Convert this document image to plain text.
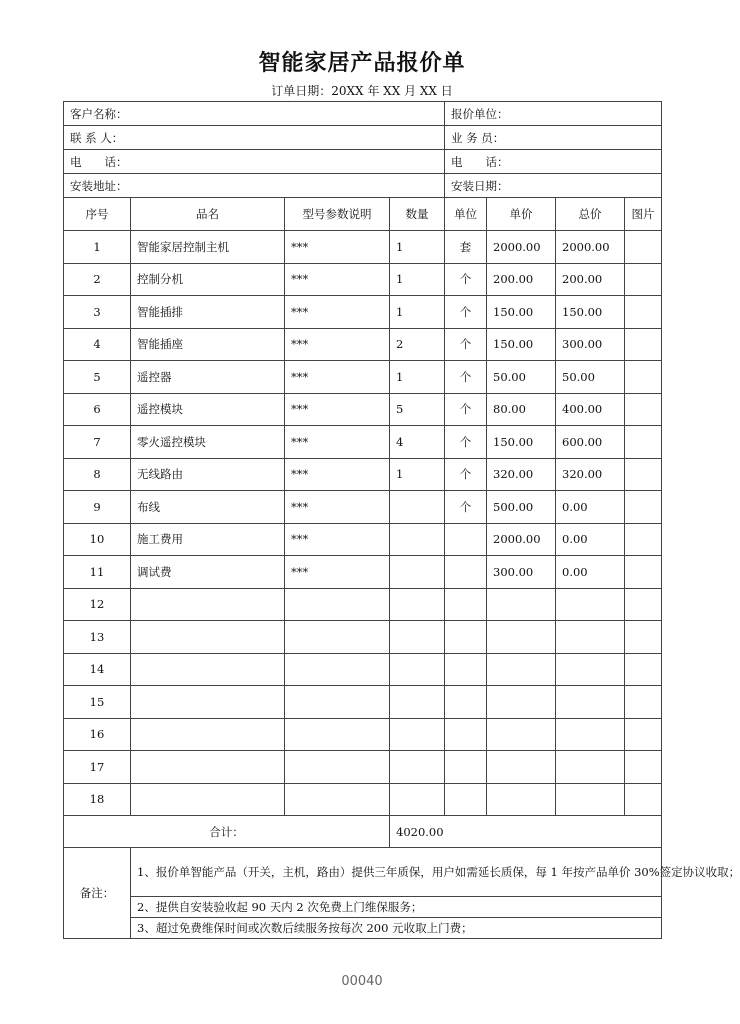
智能家居产品报价单
订单日期：20XX 年 XX 月 XX 日
客户名称：				报价单位：			
联 系 人：				业 务 员：			
电　　话：				电　　话：			
安装地址：				安装日期：			
序号	品名	型号参数说明	数量	单位	单价	总价	图片
1	智能家居控制主机	***	1	套	2000.00	2000.00	
2	控制分机	***	1	个	200.00	200.00	
3	智能插排	***	1	个	150.00	150.00	
4	智能插座	***	2	个	150.00	300.00	
5	遥控器	***	1	个	50.00	50.00	
6	遥控模块	***	5	个	80.00	400.00	
7	零火遥控模块	***	4	个	150.00	600.00	
8	无线路由	***	1	个	320.00	320.00	
9	布线	***		个	500.00	0.00	
10	施工费用	***			2000.00	0.00	
11	调试费	***			300.00	0.00	
12							
13							
14							
15							
16							
17							
18							
合计：			4020.00				
备注：	1、报价单智能产品（开关，主机，路由）提供三年质保，用户如需延长质保，每 1 年按产品单价 30%签定协议收取；						
	2、提供自安装验收起 90 天内 2 次免费上门维保服务；						
	3、超过免费维保时间或次数后续服务按每次 200 元收取上门费；						
00040
